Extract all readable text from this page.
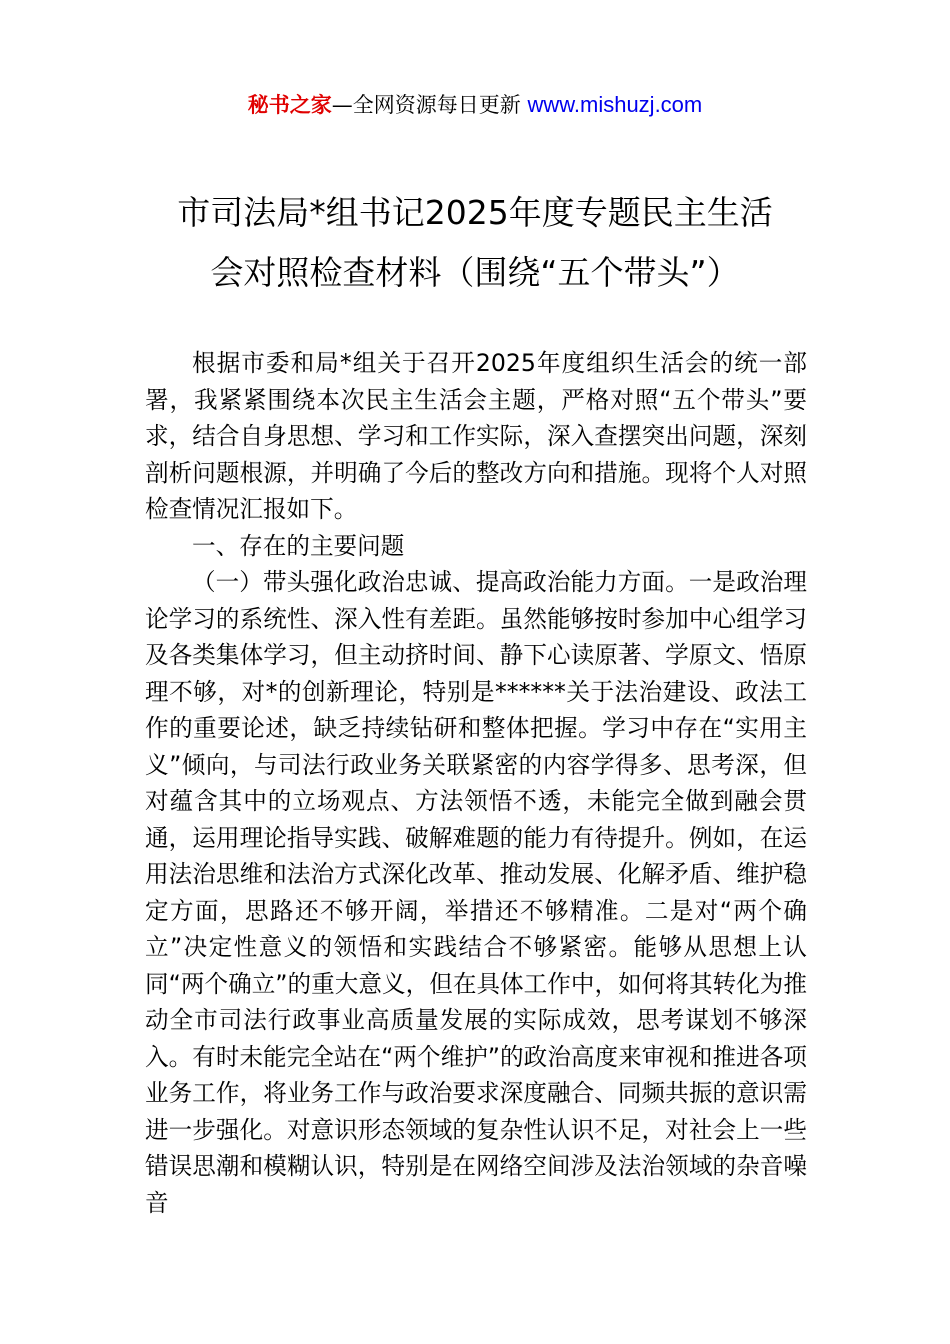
秘书之家—全网资源每日更新 www.mishuzj.com
市司法局*组书记2025年度专题民主生活
会对照检查材料（围绕“五个带头”）

根据市委和局*组关于召开2025年度组织生活会的统一部署，我紧紧围绕本次民主生活会主题，严格对照“五个带头”要求，结合自身思想、学习和工作实际，深入查摆突出问题，深刻剖析问题根源，并明确了今后的整改方向和措施。现将个人对照检查情况汇报如下。

一、存在的主要问题

（一）带头强化政治忠诚、提高政治能力方面。一是政治理论学习的系统性、深入性有差距。虽然能够按时参加中心组学习及各类集体学习，但主动挤时间、静下心读原著、学原文、悟原理不够，对*的创新理论，特别是******关于法治建设、政法工作的重要论述，缺乏持续钻研和整体把握。学习中存在“实用主义”倾向，与司法行政业务关联紧密的内容学得多、思考深，但对蕴含其中的立场观点、方法领悟不透，未能完全做到融会贯通，运用理论指导实践、破解难题的能力有待提升。例如，在运用法治思维和法治方式深化改革、推动发展、化解矛盾、维护稳定方面，思路还不够开阔，举措还不够精准。二是对“两个确立”决定性意义的领悟和实践结合不够紧密。能够从思想上认同“两个确立”的重大意义，但在具体工作中，如何将其转化为推动全市司法行政事业高质量发展的实际成效，思考谋划不够深入。有时未能完全站在“两个维护”的政治高度来审视和推进各项业务工作，将业务工作与政治要求深度融合、同频共振的意识需进一步强化。对意识形态领域的复杂性认识不足，对社会上一些错误思潮和模糊认识，特别是在网络空间涉及法治领域的杂音噪音
